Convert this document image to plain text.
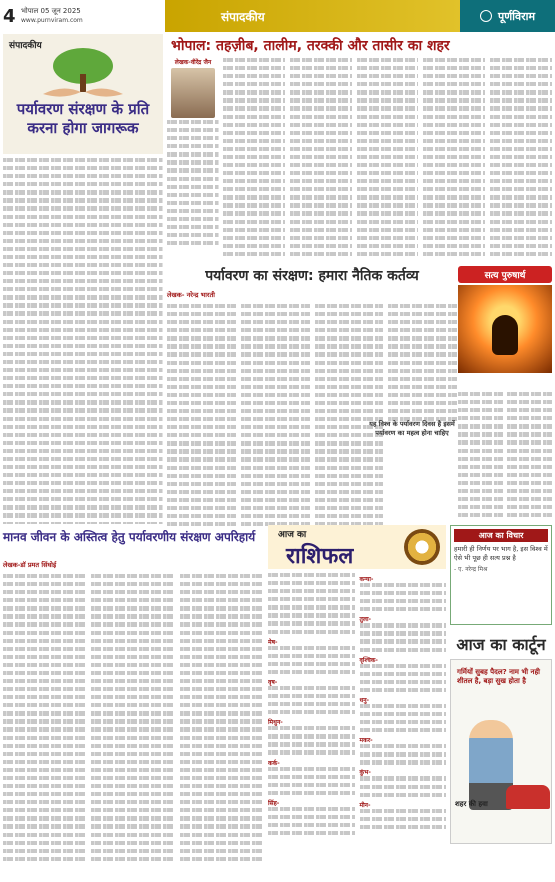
4 भोपाल 05 जून 2025
www.purnviram.com	संपादकीय	पूर्णविराम
संपादकीय
पर्यावरण संरक्षण के प्रति करना होगा जागरूक
भोपाल: तहज़ीब, तालीम, तरक्की और तासीर का शहर
लेखक-वीरेंद्र जैन
पर्यावरण का संरक्षण: हमारा नैतिक कर्तव्य
लेखक- नरेन्द्र भारती
यह विश्व के पर्यावरण दिवस है इसमें पर्यावरण का महत्व होना चाहिए
सत्य पुरुषार्थ
मानव जीवन के अस्तित्व हेतु पर्यावरणीय संरक्षण अपरिहार्य
लेखक-डॉ प्रमत सिंघोई
आज का
राशिफल
मेष-
वृष-
मिथुन-
कर्क-
सिंह-
कन्या-
तुला-
वृश्चिक-
धनु-
मकर-
कुंभ-
मीन-
आज का विचार
हमारी ही निर्णय पर भाग है, इस विश्व में ऐसे भी पूछ ही सत्य प्रश्न है
- ए. नरेन्द्र मिश्र
आज का कार्टून
गर्मियों सुबह पैदल? नाम भी नही शीतल है, बड़ा सुख होता है
शहर की हवा
